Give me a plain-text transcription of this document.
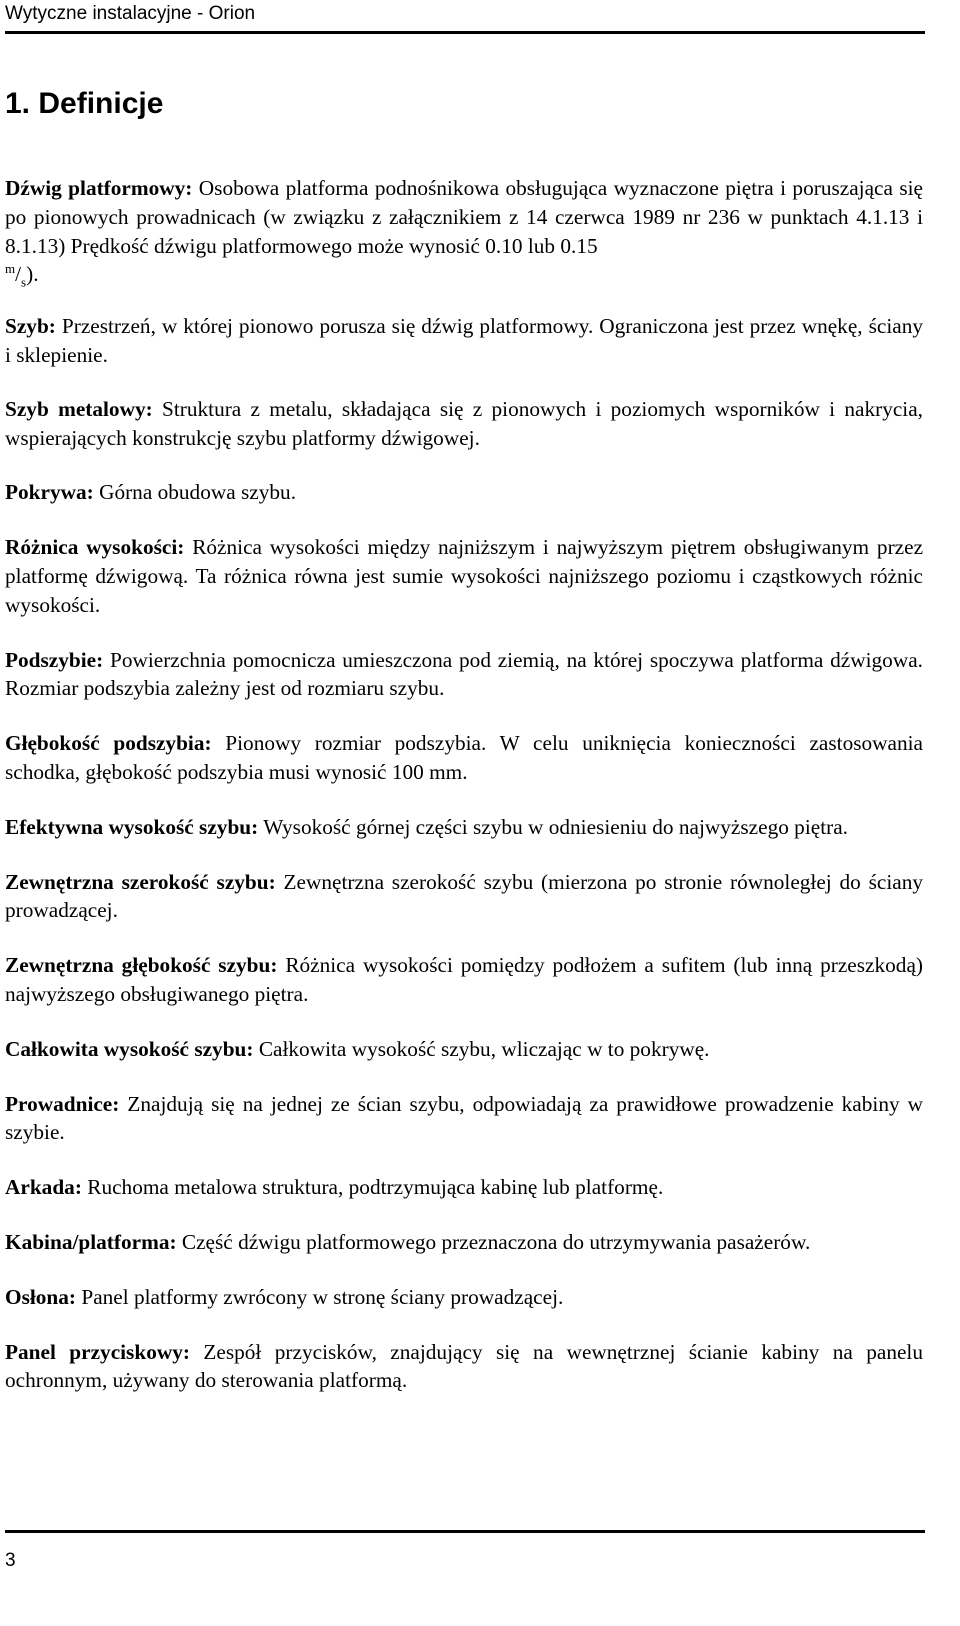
Wytyczne instalacyjne - Orion
1. Definicje

Dźwig platformowy: Osobowa platforma podnośnikowa obsługująca wyznaczone piętra i poruszająca się po pionowych prowadnicach (w związku z załącznikiem z 14 czerwca 1989 nr 236 w punktach 4.1.13 i 8.1.13) Prędkość dźwigu platformowego może wynosić 0.10 lub 0.15
$^m/_s$).

Szyb: Przestrzeń, w której pionowo porusza się dźwig platformowy. Ograniczona jest przez wnękę, ściany i sklepienie.

Szyb metalowy: Struktura z metalu, składająca się z pionowych i poziomych wsporników i nakrycia, wspierających konstrukcję szybu platformy dźwigowej.

Pokrywa: Górna obudowa szybu.

Różnica wysokości: Różnica wysokości między najniższym i najwyższym piętrem obsługiwanym przez platformę dźwigową. Ta różnica równa jest sumie wysokości najniższego poziomu i cząstkowych różnic wysokości.

Podszybie: Powierzchnia pomocnicza umieszczona pod ziemią, na której spoczywa platforma dźwigowa. Rozmiar podszybia zależny jest od rozmiaru szybu.

Głębokość podszybia: Pionowy rozmiar podszybia. W celu uniknięcia konieczności zastosowania schodka, głębokość podszybia musi wynosić 100 mm.

Efektywna wysokość szybu: Wysokość górnej części szybu w odniesieniu do najwyższego piętra.

Zewnętrzna szerokość szybu: Zewnętrzna szerokość szybu (mierzona po stronie równoległej do ściany prowadzącej.

Zewnętrzna głębokość szybu: Różnica wysokości pomiędzy podłożem a sufitem (lub inną przeszkodą) najwyższego obsługiwanego piętra.

Całkowita wysokość szybu: Całkowita wysokość szybu, wliczając w to pokrywę.

Prowadnice: Znajdują się na jednej ze ścian szybu, odpowiadają za prawidłowe prowadzenie kabiny w szybie.

Arkada: Ruchoma metalowa struktura, podtrzymująca kabinę lub platformę.

Kabina/platforma: Część dźwigu platformowego przeznaczona do utrzymywania pasażerów.

Osłona: Panel platformy zwrócony w stronę ściany prowadzącej.

Panel przyciskowy: Zespół przycisków, znajdujący się na wewnętrznej ścianie kabiny na panelu ochronnym, używany do sterowania platformą.

3
